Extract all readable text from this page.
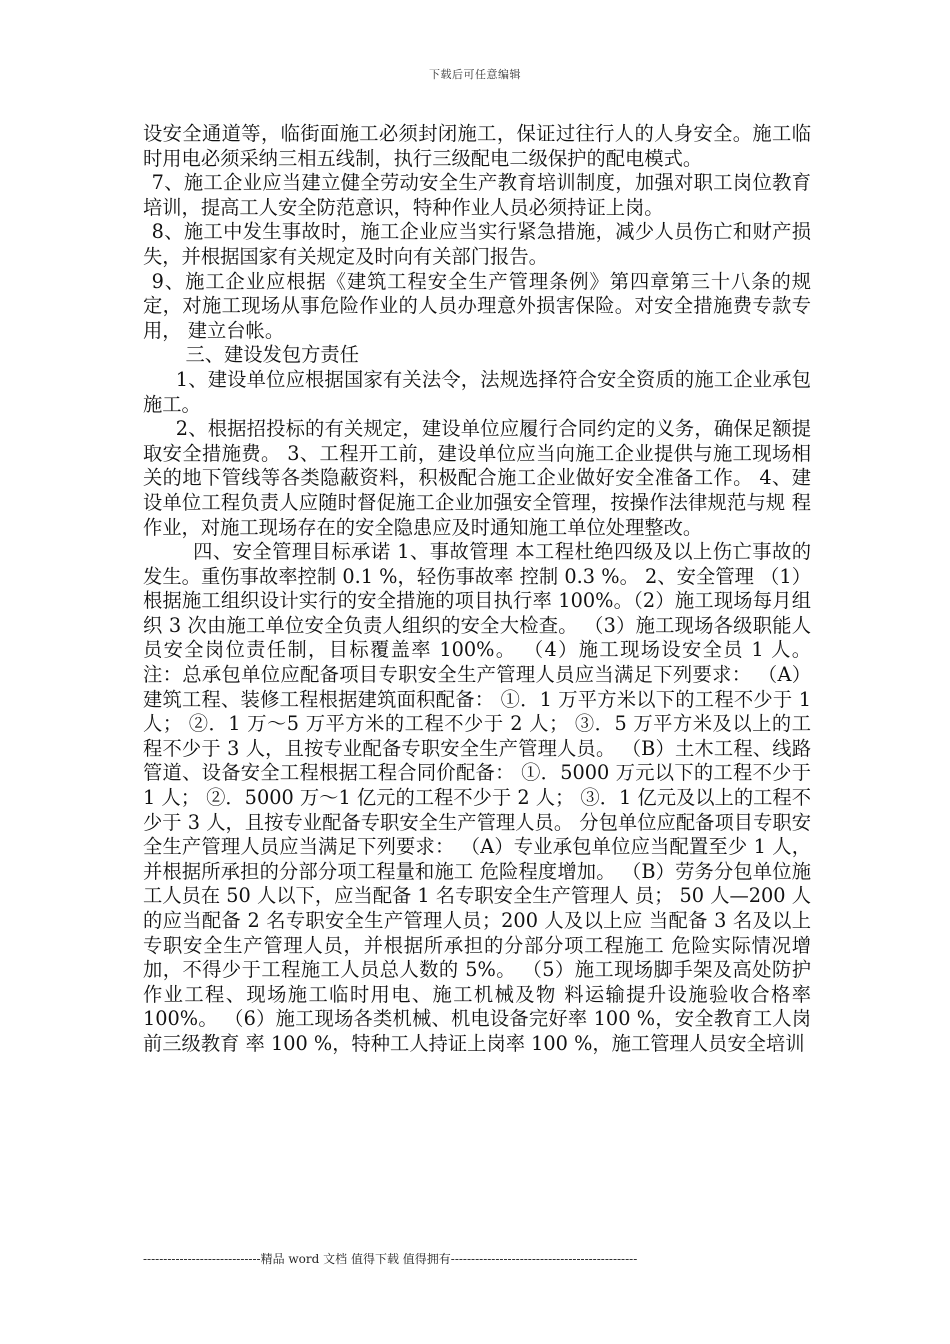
下载后可任意编辑

设安全通道等，临街面施工必须封闭施工，保证过往行人的人身安全。施工临时用电必须采纳三相五线制，执行三级配电二级保护的配电模式。

7、施工企业应当建立健全劳动安全生产教育培训制度，加强对职工岗位教育培训，提高工人安全防范意识，特种作业人员必须持证上岗。

8、施工中发生事故时，施工企业应当实行紧急措施，减少人员伤亡和财产损失，并根据国家有关规定及时向有关部门报告。

9、施工企业应根据《建筑工程安全生产管理条例》第四章第三十八条的规定，对施工现场从事危险作业的人员办理意外损害保险。对安全措施费专款专用， 建立台帐。

三、建设发包方责任

1、建设单位应根据国家有关法令，法规选择符合安全资质的施工企业承包施工。

2、根据招投标的有关规定，建设单位应履行合同约定的义务，确保足额提取安全措施费。 3、工程开工前，建设单位应当向施工企业提供与施工现场相关的地下管线等各类隐蔽资料，积极配合施工企业做好安全准备工作。 4、建设单位工程负责人应随时督促施工企业加强安全管理，按操作法律规范与规 程作业，对施工现场存在的安全隐患应及时通知施工单位处理整改。

四、安全管理目标承诺 1、事故管理 本工程杜绝四级及以上伤亡事故的发生。重伤事故率控制 0.1 %，轻伤事故率 控制 0.3 %。 2、安全管理 （1）根据施工组织设计实行的安全措施的项目执行率 100%。（2）施工现场每月组织 3 次由施工单位安全负责人组织的安全大检查。 （3）施工现场各级职能人员安全岗位责任制，目标覆盖率 100%。 （4）施工现场设安全员 1 人。 注：总承包单位应配备项目专职安全生产管理人员应当满足下列要求： （A）建筑工程、装修工程根据建筑面积配备： ①．1 万平方米以下的工程不少于 1 人； ②．1 万～5 万平方米的工程不少于 2 人； ③．5 万平方米及以上的工程不少于 3 人，且按专业配备专职安全生产管理人员。 （B）土木工程、线路管道、设备安全工程根据工程合同价配备： ①．5000 万元以下的工程不少于 1 人； ②．5000 万～1 亿元的工程不少于 2 人； ③．1 亿元及以上的工程不少于 3 人，且按专业配备专职安全生产管理人员。 分包单位应配备项目专职安全生产管理人员应当满足下列要求： （A）专业承包单位应当配置至少 1 人，并根据所承担的分部分项工程量和施工 危险程度增加。 （B）劳务分包单位施工人员在 50 人以下，应当配备 1 名专职安全生产管理人 员； 50 人—200 人的应当配备 2 名专职安全生产管理人员；200 人及以上应 当配备 3 名及以上专职安全生产管理人员，并根据所承担的分部分项工程施工 危险实际情况增加，不得少于工程施工人员总人数的 5%。 （5）施工现场脚手架及高处防护作业工程、现场施工临时用电、施工机械及物 料运输提升设施验收合格率 100%。 （6）施工现场各类机械、机电设备完好率 100 %，安全教育工人岗前三级教育 率 100 %，特种工人持证上岗率 100 %，施工管理人员安全培训

-----------------------------精品 word 文档 值得下载 值得拥有----------------------------------------------
